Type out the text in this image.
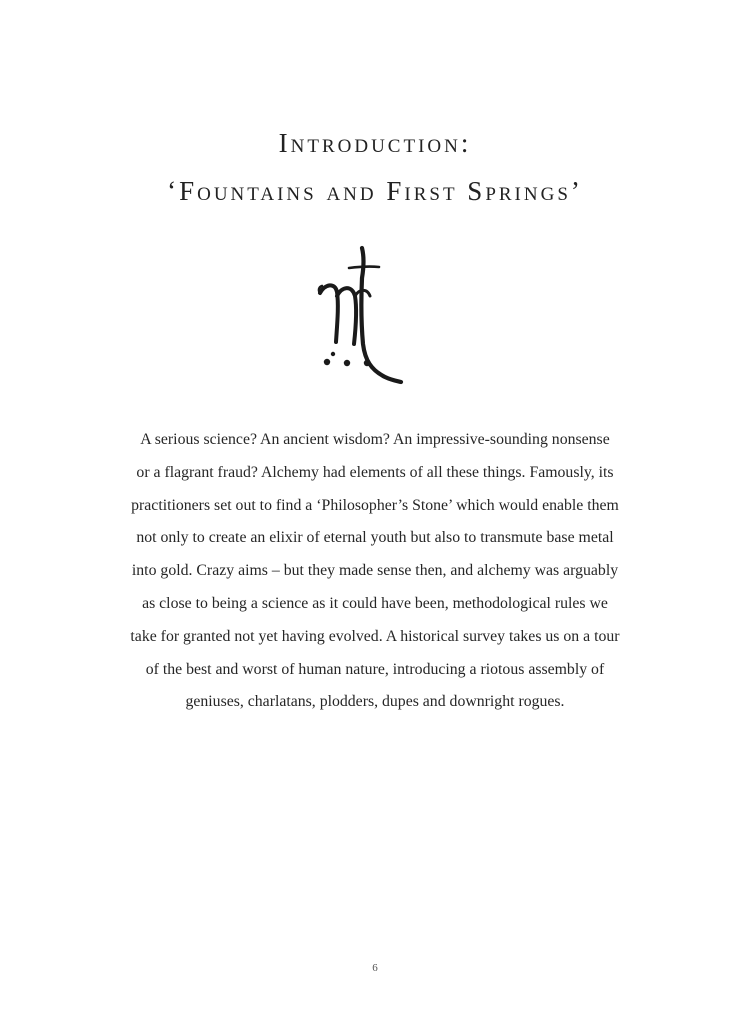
Introduction:
‘Fountains and First Springs’
A serious science? An ancient wisdom? An impressive-sounding nonsense
or a flagrant fraud? Alchemy had elements of all these things. Famously, its
practitioners set out to find a ‘Philosopher’s Stone’ which would enable them
not only to create an elixir of eternal youth but also to transmute base metal
into gold. Crazy aims – but they made sense then, and alchemy was arguably
as close to being a science as it could have been, methodological rules we
take for granted not yet having evolved. A historical survey takes us on a tour
of the best and worst of human nature, introducing a riotous assembly of
geniuses, charlatans, plodders, dupes and downright rogues.
6
